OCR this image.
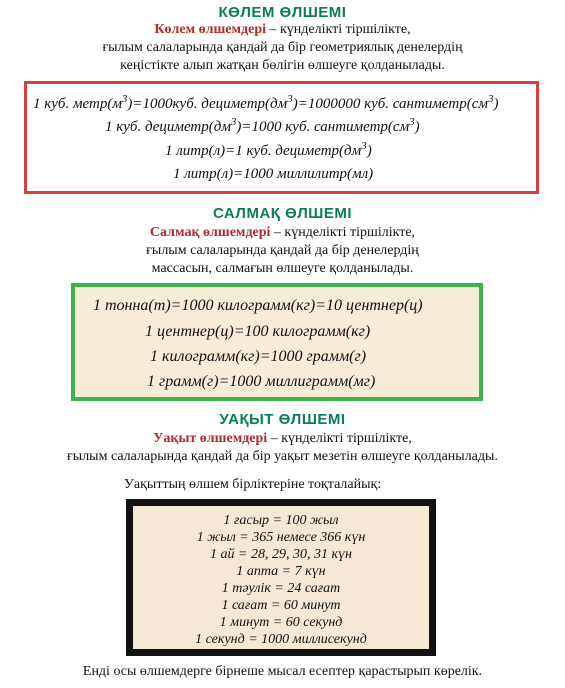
КӨЛЕМ ӨЛШЕМІ
Көлем өлшемдері – күнделікті тіршілікте,
ғылым салаларында қандай да бір геометриялық денелердің
кеңістікте алып жатқан бөлігін өлшеуге қолданылады.
1 куб. $метр(м^3)=1000куб$. $дециметр(дм^3)=1000000$ куб. $сантиметр(см^3)$
1 куб. $дециметр(дм^3)=1000$ куб. $сантиметр(см^3)$
1 литр(л)=1 куб. $дециметр(дм^3)$
1 литр(л)=1000 миллилитр(мл)
САЛМАҚ ӨЛШЕМІ
Салмақ өлшемдері – күнделікті тіршілікте,
ғылым салаларында қандай да бір денелердің
массасын, салмағын өлшеуге қолданылады.
1 тонна(т)=1000 килограмм(кг)=10 центнер(ц)
1 центнер(ц)=100 килограмм(кг)
1 килограмм(кг)=1000 грамм(г)
1 грамм(г)=1000 миллиграмм(мг)
УАҚЫТ ӨЛШЕМІ
Уақыт өлшемдері – күнделікті тіршілікте,
ғылым салаларында қандай да бір уақыт мезетін өлшеуге қолданылады.
Уақыттың өлшем бірліктеріне тоқталайық:
1 ғасыр = 100 жыл
1 жыл = 365 немесе 366 күн
1 ай = 28, 29, 30, 31 күн
1 апта = 7 күн
1 тәулік = 24 сағат
1 сағат = 60 минут
1 минут = 60 секунд
1 секунд = 1000 миллисекунд
Енді осы өлшемдерге бірнеше мысал есептер қарастырып көрелік.
